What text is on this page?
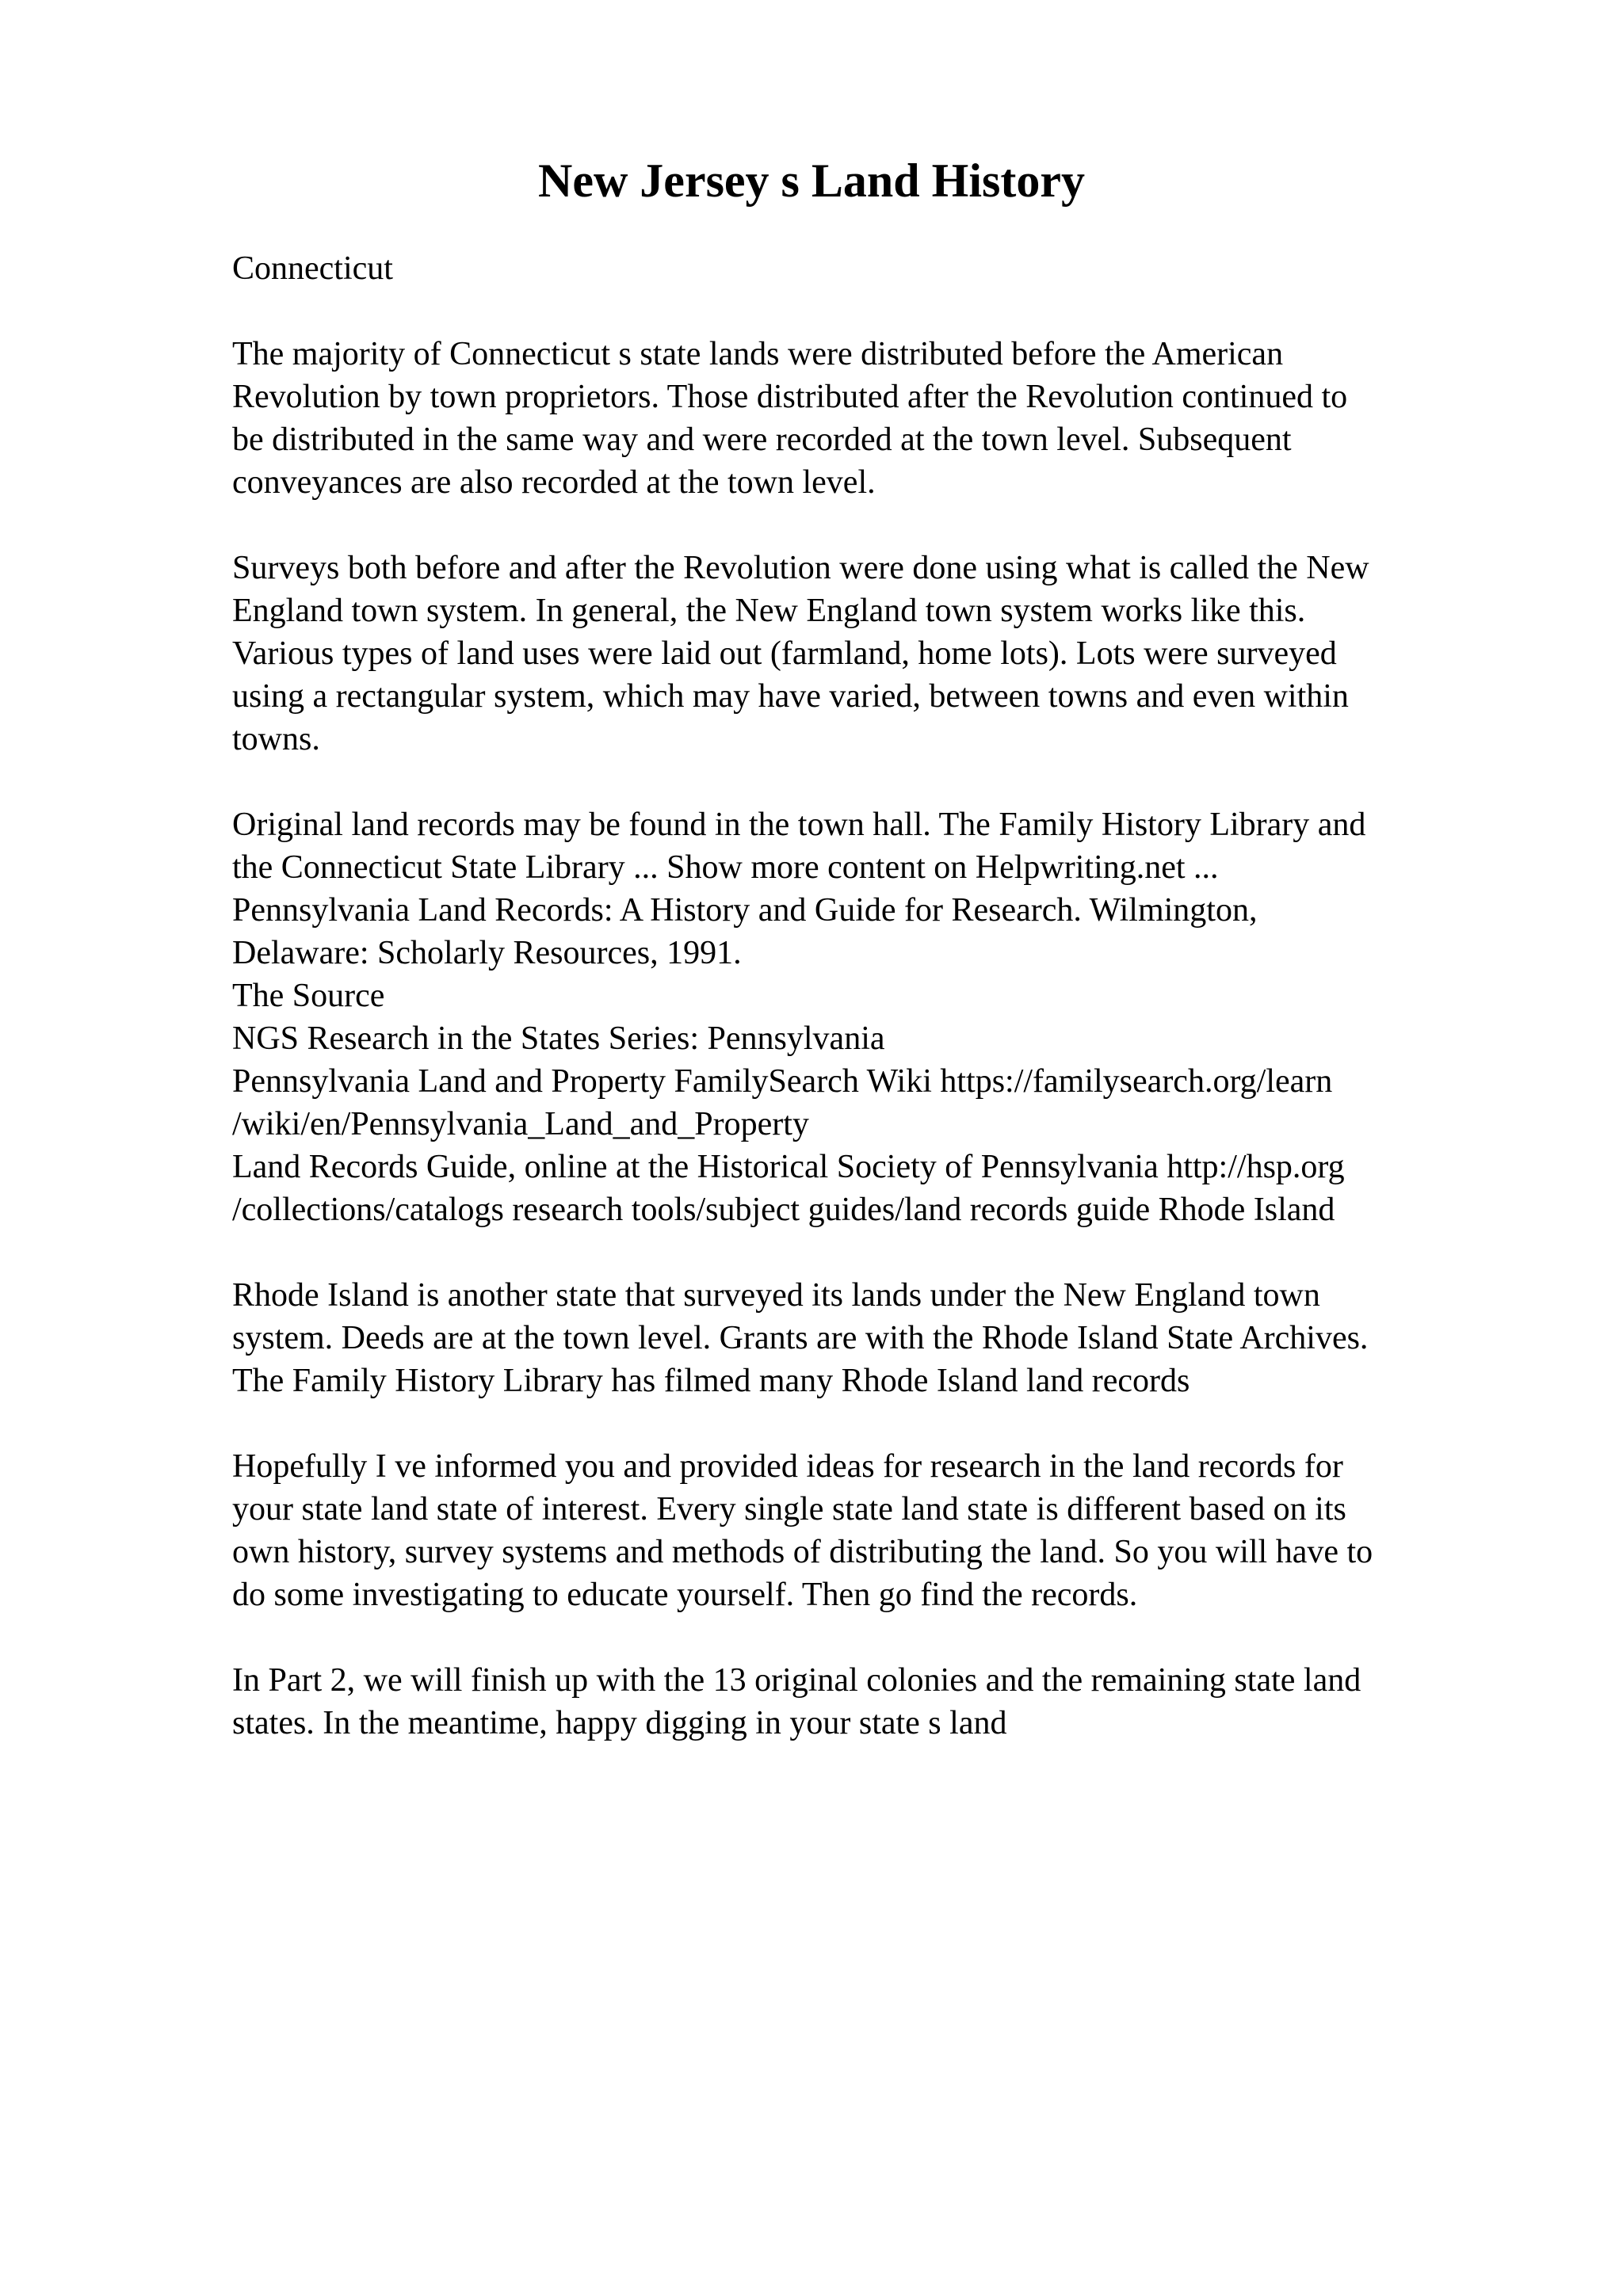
New Jersey s Land History
Connecticut
The majority of Connecticut s state lands were distributed before the American
Revolution by town proprietors. Those distributed after the Revolution continued to
be distributed in the same way and were recorded at the town level. Subsequent
conveyances are also recorded at the town level.
Surveys both before and after the Revolution were done using what is called the New
England town system. In general, the New England town system works like this.
Various types of land uses were laid out (farmland, home lots). Lots were surveyed
using a rectangular system, which may have varied, between towns and even within
towns.
Original land records may be found in the town hall. The Family History Library and
the Connecticut State Library ... Show more content on Helpwriting.net ...
Pennsylvania Land Records: A History and Guide for Research. Wilmington,
Delaware: Scholarly Resources, 1991.
The Source
NGS Research in the States Series: Pennsylvania
Pennsylvania Land and Property FamilySearch Wiki https://familysearch.org/learn
/wiki/en/Pennsylvania_Land_and_Property
Land Records Guide, online at the Historical Society of Pennsylvania http://hsp.org
/collections/catalogs research tools/subject guides/land records guide Rhode Island
Rhode Island is another state that surveyed its lands under the New England town
system. Deeds are at the town level. Grants are with the Rhode Island State Archives.
The Family History Library has filmed many Rhode Island land records
Hopefully I ve informed you and provided ideas for research in the land records for
your state land state of interest. Every single state land state is different based on its
own history, survey systems and methods of distributing the land. So you will have to
do some investigating to educate yourself. Then go find the records.
In Part 2, we will finish up with the 13 original colonies and the remaining state land
states. In the meantime, happy digging in your state s land
